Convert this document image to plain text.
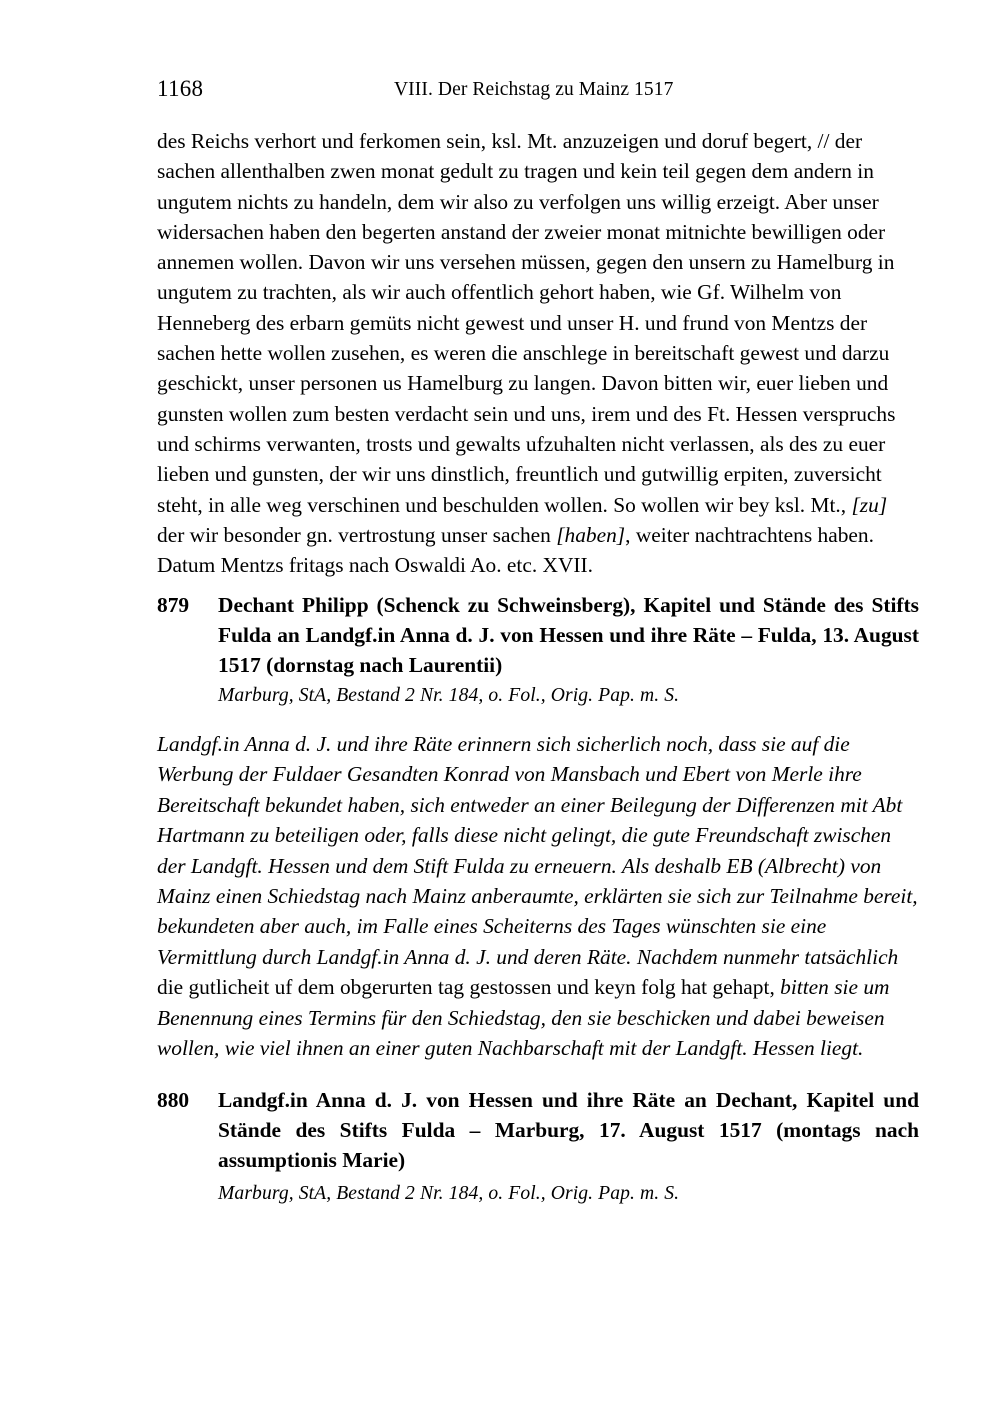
1168	VIII. Der Reichstag zu Mainz 1517

des Reichs verhort und ferkomen sein, ksl. Mt. anzuzeigen und doruf begert, // der sachen allenthalben zwen monat gedult zu tragen und kein teil gegen dem andern in ungutem nichts zu handeln, dem wir also zu verfolgen uns willig erzeigt. Aber unser widersachen haben den begerten anstand der zweier monat mitnichte bewilligen oder annemen wollen. Davon wir uns versehen müssen, gegen den unsern zu Hamelburg in ungutem zu trachten, als wir auch offentlich gehort haben, wie Gf. Wilhelm von Henneberg des erbarn gemüts nicht gewest und unser H. und frund von Mentzs der sachen hette wollen zusehen, es weren die anschlege in bereitschaft gewest und darzu geschickt, unser personen us Hamelburg zu langen. Davon bitten wir, euer lieben und gunsten wollen zum besten verdacht sein und uns, irem und des Ft. Hessen verspruchs und schirms verwanten, trosts und gewalts ufzuhalten nicht verlassen, als des zu euer lieben und gunsten, der wir uns dinstlich, freuntlich und gutwillig erpiten, zuversicht steht, in alle weg verschinen und beschulden wollen. So wollen wir bey ksl. Mt., [zu] der wir besonder gn. vertrostung unser sachen [haben], weiter nachtrachtens haben. Datum Mentzs fritags nach Oswaldi Ao. etc. XVII.

879	Dechant Philipp (Schenck zu Schweinsberg), Kapitel und Stände des Stifts Fulda an Landgf.in Anna d. J. von Hessen und ihre Räte – Fulda, 13. August 1517 (dornstag nach Laurentii)
Marburg, StA, Bestand 2 Nr. 184, o. Fol., Orig. Pap. m. S.

Landgf.in Anna d. J. und ihre Räte erinnern sich sicherlich noch, dass sie auf die Werbung der Fuldaer Gesandten Konrad von Mansbach und Ebert von Merle ihre Bereitschaft bekundet haben, sich entweder an einer Beilegung der Differenzen mit Abt Hartmann zu beteiligen oder, falls diese nicht gelingt, die gute Freundschaft zwischen der Landgft. Hessen und dem Stift Fulda zu erneuern. Als deshalb EB (Albrecht) von Mainz einen Schiedstag nach Mainz anberaumte, erklärten sie sich zur Teilnahme bereit, bekundeten aber auch, im Falle eines Scheiterns des Tages wünschten sie eine Vermittlung durch Landgf.in Anna d. J. und deren Räte. Nachdem nunmehr tatsächlich die gutlicheit uf dem obgerurten tag gestossen und keyn folg hat gehapt, bitten sie um Benennung eines Termins für den Schiedstag, den sie beschicken und dabei beweisen wollen, wie viel ihnen an einer guten Nachbarschaft mit der Landgft. Hessen liegt.

880	Landgf.in Anna d. J. von Hessen und ihre Räte an Dechant, Kapitel und Stände des Stifts Fulda – Marburg, 17. August 1517 (montags nach assumptionis Marie)
Marburg, StA, Bestand 2 Nr. 184, o. Fol., Orig. Pap. m. S.
